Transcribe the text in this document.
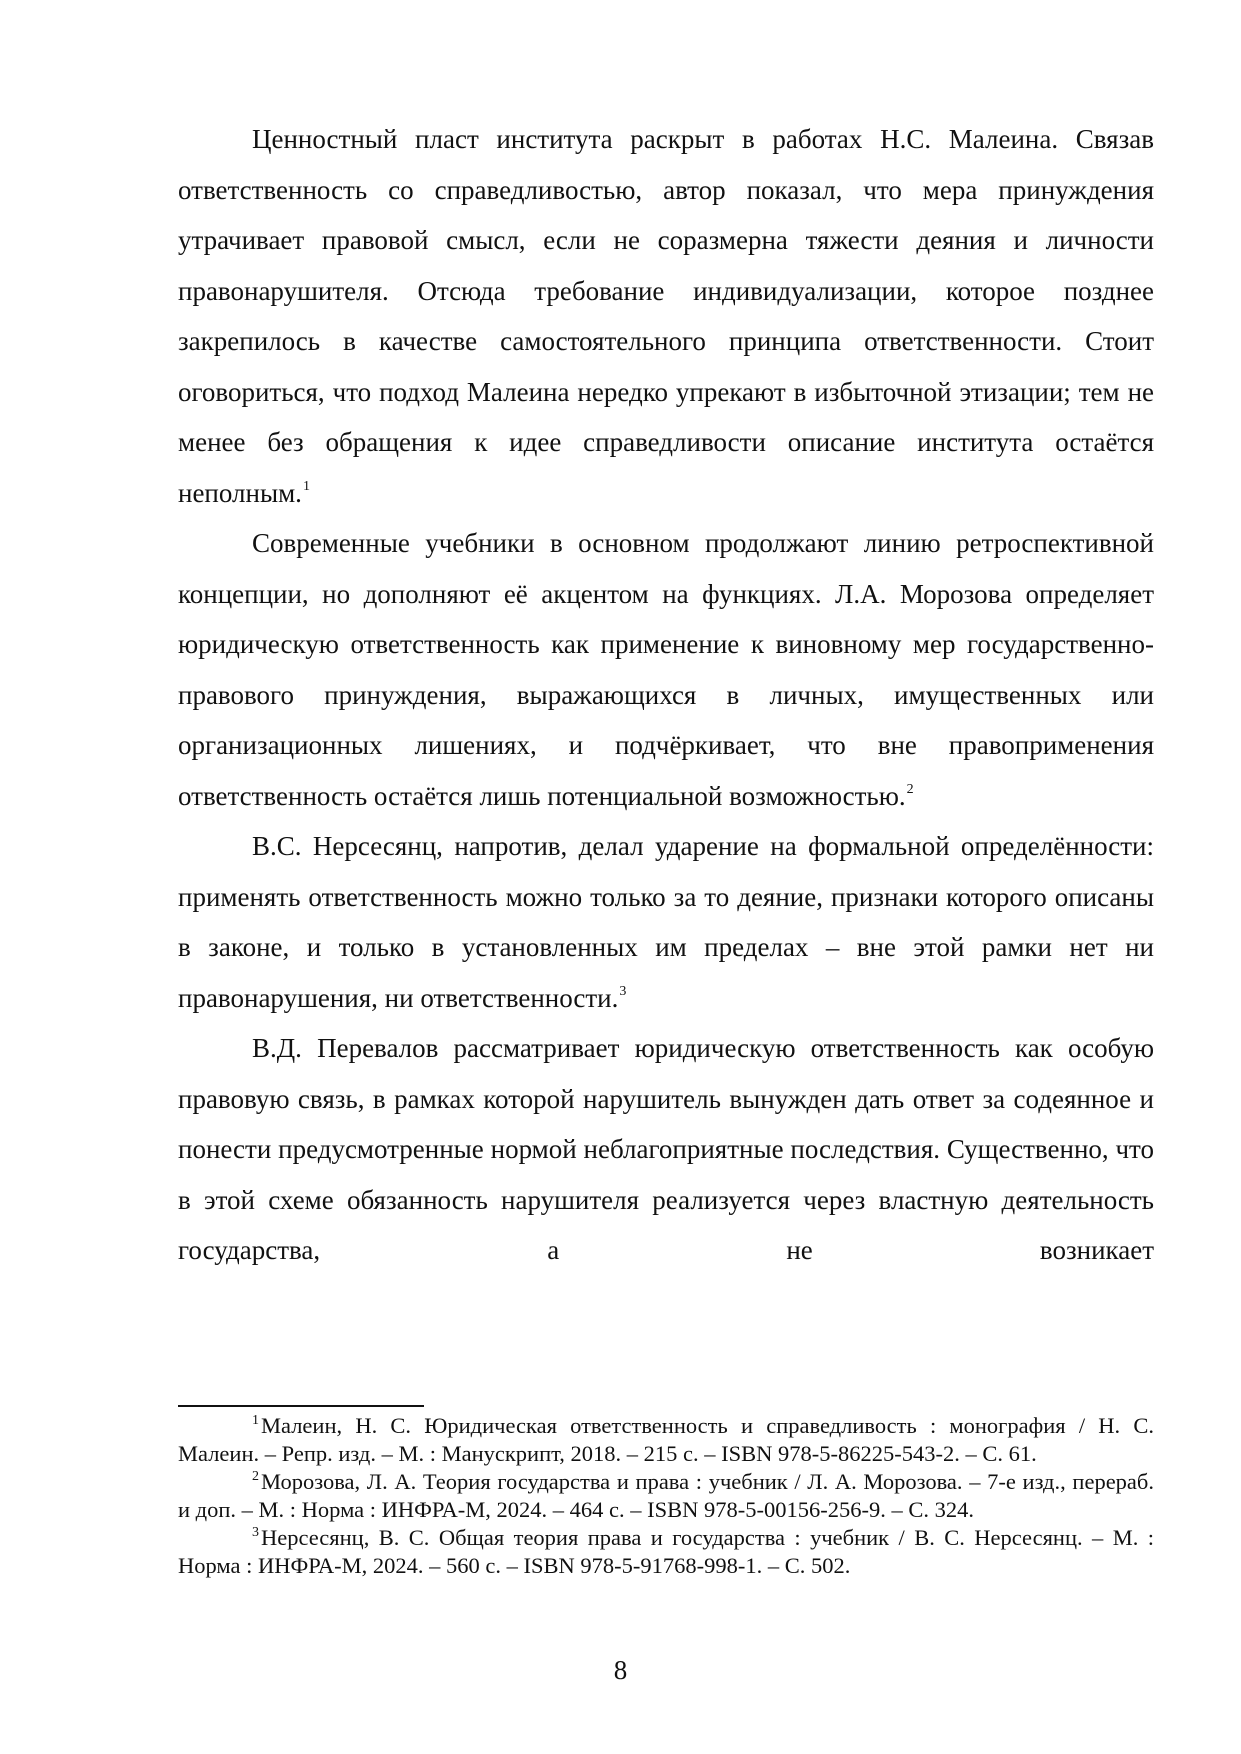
Ценностный пласт института раскрыт в работах Н.С. Малеина. Связав ответственность со справедливостью, автор показал, что мера принуждения утрачивает правовой смысл, если не соразмерна тяжести деяния и личности правонарушителя. Отсюда требование индивидуализации, которое позднее закрепилось в качестве самостоятельного принципа ответственности. Стоит оговориться, что подход Малеина нередко упрекают в избыточной этизации; тем не менее без обращения к идее справедливости описание института остаётся неполным.$^1$

Современные учебники в основном продолжают линию ретроспективной концепции, но дополняют её акцентом на функциях. Л.А. Морозова определяет юридическую ответственность как применение к виновному мер государственно-правового принуждения, выражающихся в личных, имущественных или организационных лишениях, и подчёркивает, что вне правоприменения ответственность остаётся лишь потенциальной возможностью.$^2$

В.С. Нерсесянц, напротив, делал ударение на формальной определённости: применять ответственность можно только за то деяние, признаки которого описаны в законе, и только в установленных им пределах – вне этой рамки нет ни правонарушения, ни ответственности.$^3$

В.Д. Перевалов рассматривает юридическую ответственность как особую правовую связь, в рамках которой нарушитель вынужден дать ответ за содеянное и понести предусмотренные нормой неблагоприятные последствия. Существенно, что в этой схеме обязанность нарушителя реализуется через властную деятельность государства, а не возникает

$^1$Малеин, Н. С. Юридическая ответственность и справедливость : монография / Н. С. Малеин. – Репр. изд. – М. : Манускрипт, 2018. – 215 с. – ISBN 978-5-86225-543-2. – С. 61.

$^2$Морозова, Л. А. Теория государства и права : учебник / Л. А. Морозова. – 7-е изд., перераб. и доп. – М. : Норма : ИНФРА-М, 2024. – 464 с. – ISBN 978-5-00156-256-9. – С. 324.

$^3$Нерсесянц, В. С. Общая теория права и государства : учебник / В. С. Нерсесянц. – М. : Норма : ИНФРА-М, 2024. – 560 с. – ISBN 978-5-91768-998-1. – С. 502.

8
